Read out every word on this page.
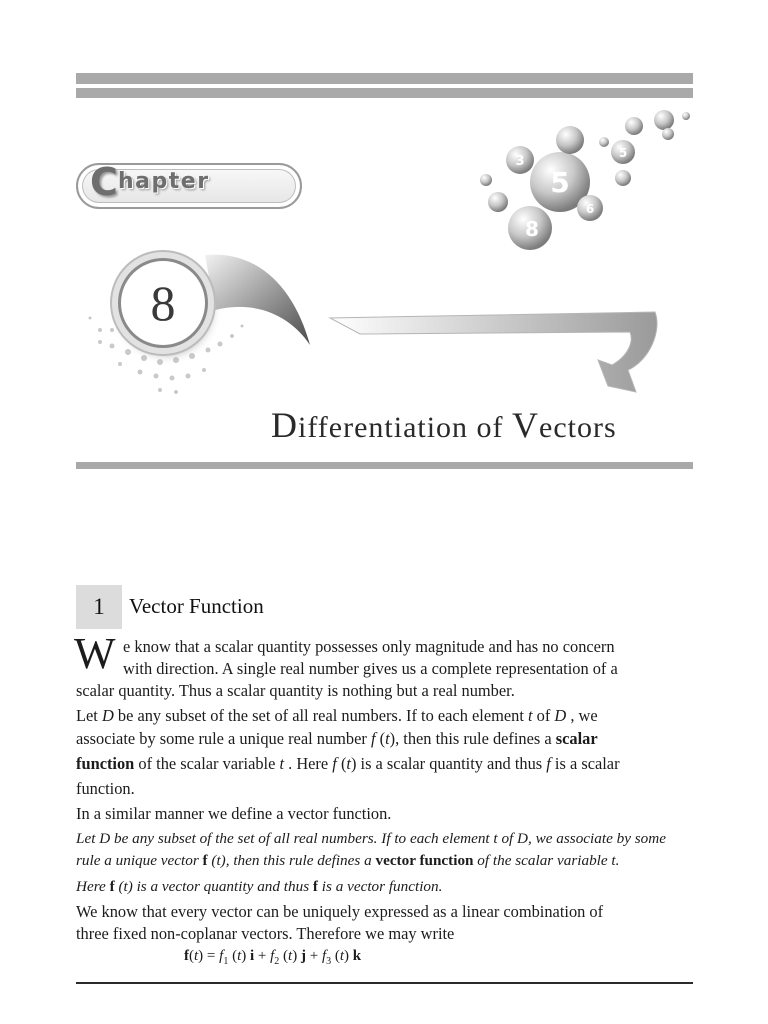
5
8
6
3
5
C hapter
8
Differentiation of Vectors
1	Vector Function
W e know that a scalar quantity possesses only magnitude and has no concern
with direction. A single real number gives us a complete representation of a
scalar quantity. Thus a scalar quantity is nothing but a real number.
Let D be any subset of the set of all real numbers. If to each element t of D , we
associate by some rule a unique real number f (t), then this rule defines a scalar
function of the scalar variable t . Here f (t) is a scalar quantity and thus f is a scalar
function.
In a similar manner we define a vector function.
Let D be any subset of the set of all real numbers. If to each element t of D, we associate by some
rule a unique vector f (t), then this rule defines a vector function of the scalar variable t.
Here f (t) is a vector quantity and thus f is a vector function.
We know that every vector can be uniquely expressed as a linear combination of
three fixed non-coplanar vectors. Therefore we may write
$f(t) = f_1$ (t) $i + f_2$ (t) $j + f_3$ (t) k
